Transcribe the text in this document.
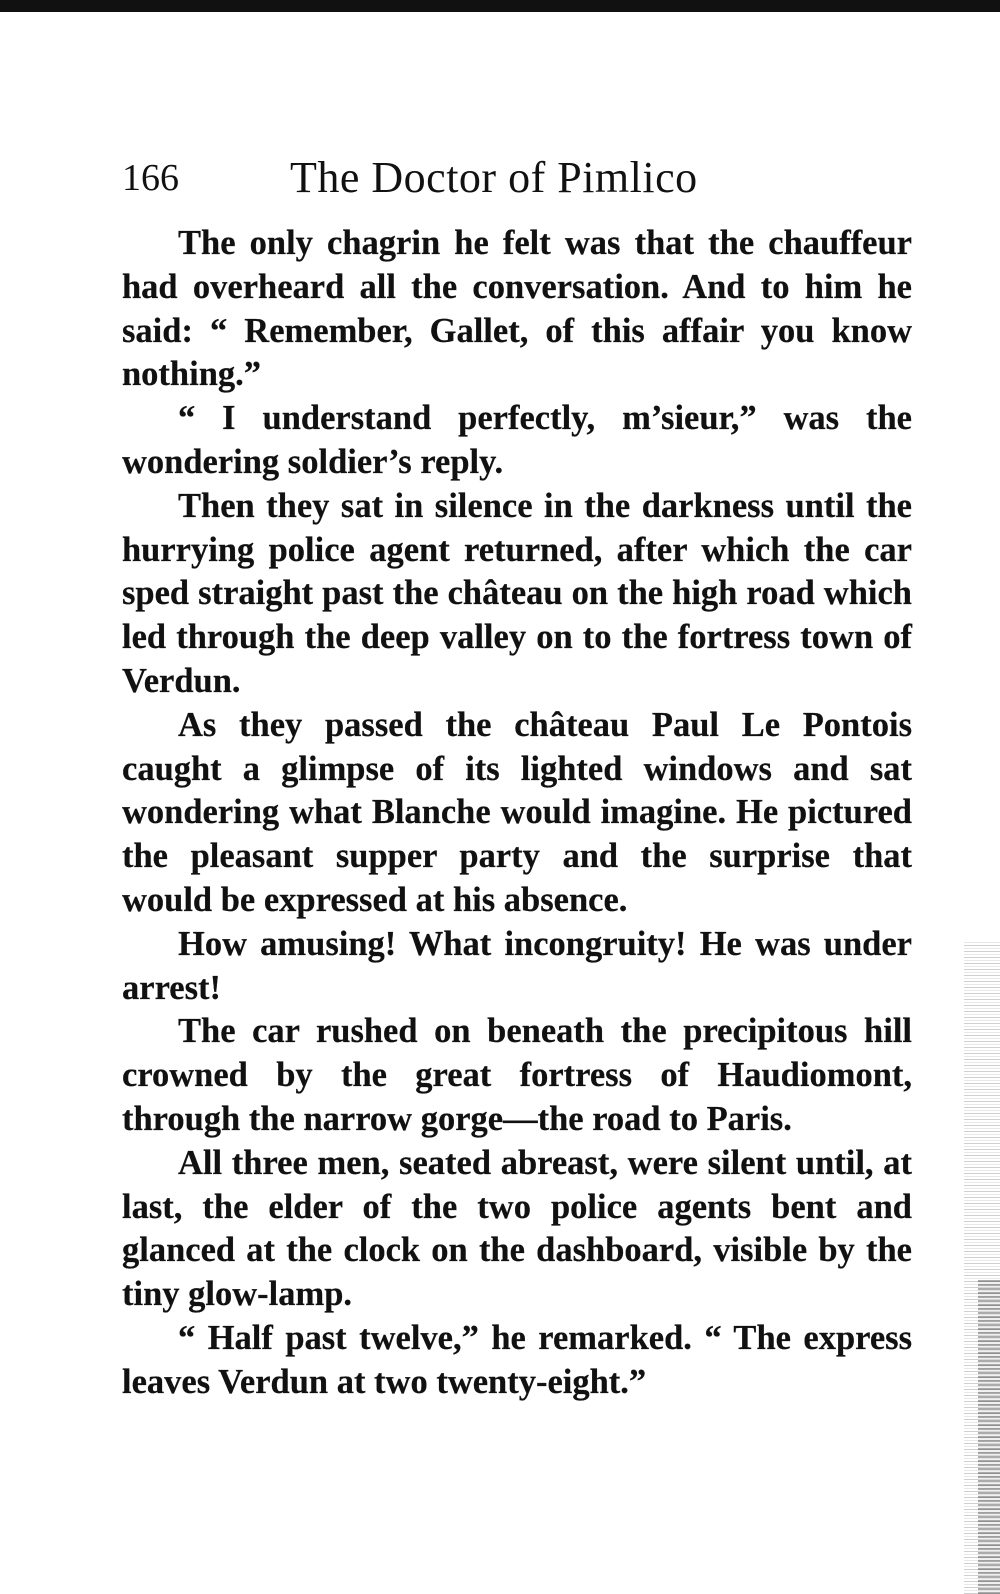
166	The Doctor of Pimlico

The only chagrin he felt was that the chauffeur had overheard all the conversation. And to him he said: “ Remember, Gallet, of this affair you know nothing.”

“ I understand perfectly, m’sieur,” was the wondering soldier’s reply.

Then they sat in silence in the darkness until the hurrying police agent returned, after which the car sped straight past the château on the high road which led through the deep valley on to the fortress town of Verdun.

As they passed the château Paul Le Pontois caught a glimpse of its lighted windows and sat wondering what Blanche would imagine. He pictured the pleasant supper party and the surprise that would be expressed at his absence.

How amusing! What incongruity! He was under arrest!

The car rushed on beneath the precipitous hill crowned by the great fortress of Haudiomont, through the narrow gorge—the road to Paris.

All three men, seated abreast, were silent until, at last, the elder of the two police agents bent and glanced at the clock on the dashboard, visible by the tiny glow-lamp.

“ Half past twelve,” he remarked. “ The express leaves Verdun at two twenty-eight.”
